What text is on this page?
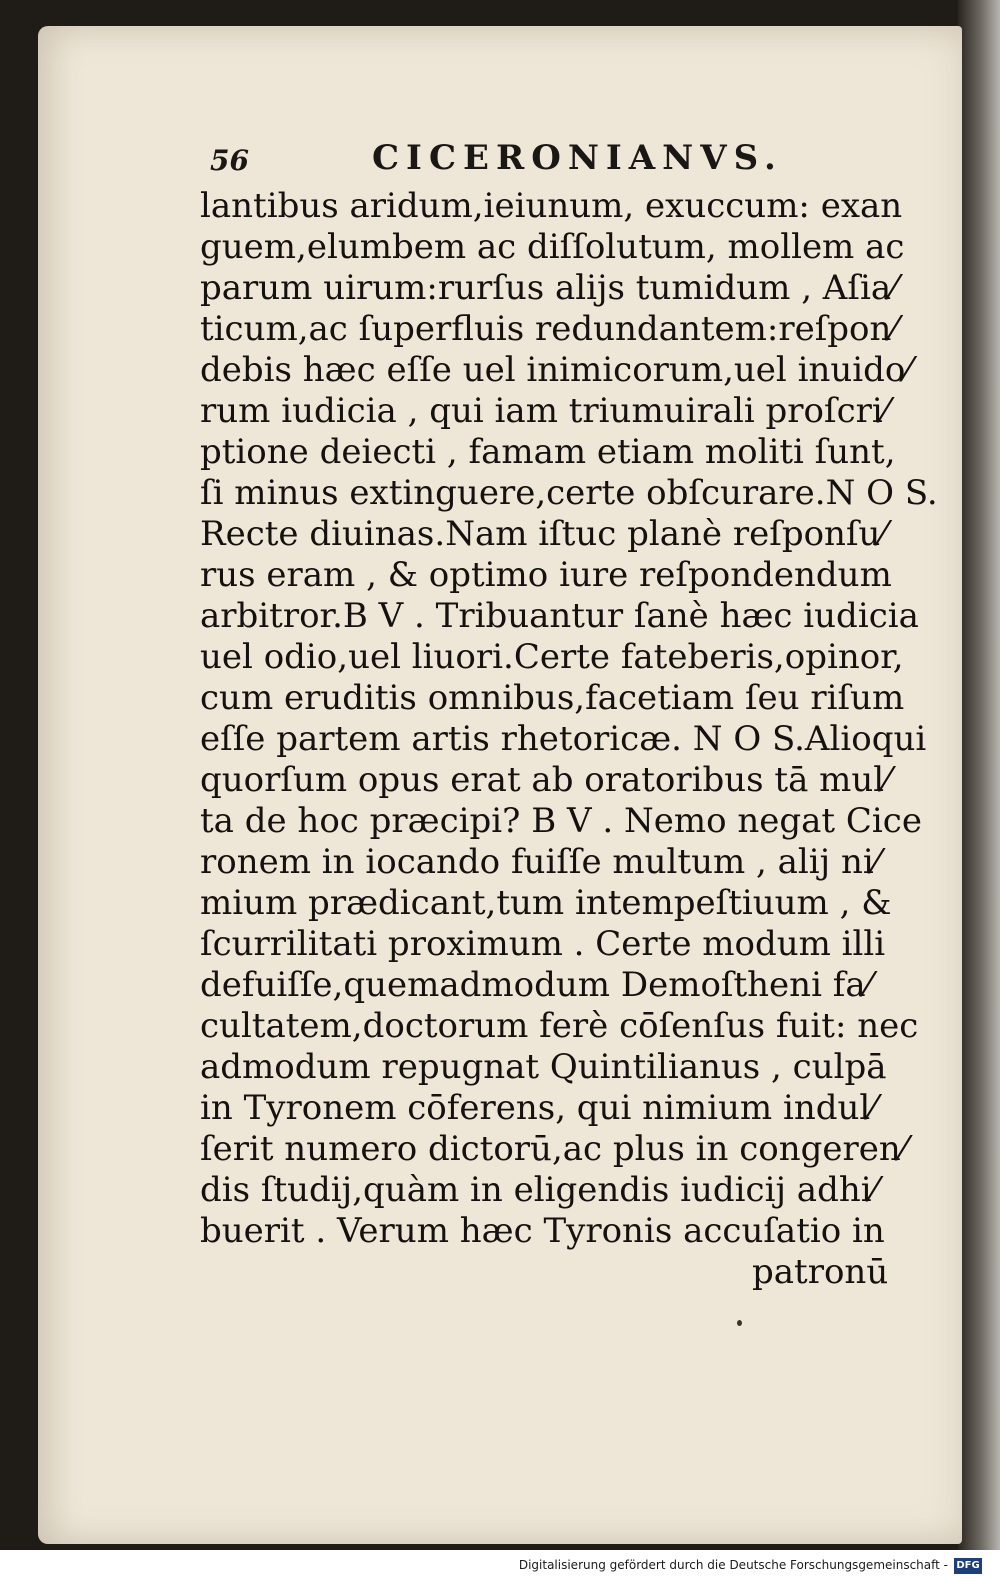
56	CICERONIANVS.
lantibus aridum,ieiunum, exuccum: exan
guem,elumbem ac diſſolutum, mollem ac
parum uirum:rurſus alijs tumidum , Aſia⁄
ticum,ac ſuperfluis redundantem:reſpon⁄
debis hæc eſſe uel inimicorum,uel inuido⁄
rum iudicia , qui iam triumuirali proſcri⁄
ptione deiecti , famam etiam moliti ſunt,
ſi minus extinguere,certe obſcurare.N O S.
Recte diuinas.Nam iſtuc planè reſponſu⁄
rus eram , & optimo iure reſpondendum
arbitror.B V . Tribuantur ſanè hæc iudicia
uel odio,uel liuori.Certe fateberis,opinor,
cum eruditis omnibus,facetiam ſeu riſum
eſſe partem artis rhetoricæ. N O S.Alioqui
quorſum opus erat ab oratoribus tā mul⁄
ta de hoc præcipi? B V . Nemo negat Cice
ronem in iocando fuiſſe multum , alij ni⁄
mium prædicant,tum intempeſtiuum , &
ſcurrilitati proximum . Certe modum illi
defuiſſe,quemadmodum Demoſtheni fa⁄
cultatem,doctorum ferè cōſenſus fuit: nec
admodum repugnat Quintilianus , culpā
in Tyronem cōferens, qui nimium indul⁄
ſerit numero dictorū,ac plus in congeren⁄
dis ſtudij,quàm in eligendis iudicij adhi⁄
buerit . Verum hæc Tyronis accuſatio in
patronū
Digitalisierung gefördert durch die Deutsche Forschungsgemeinschaft - DFG
